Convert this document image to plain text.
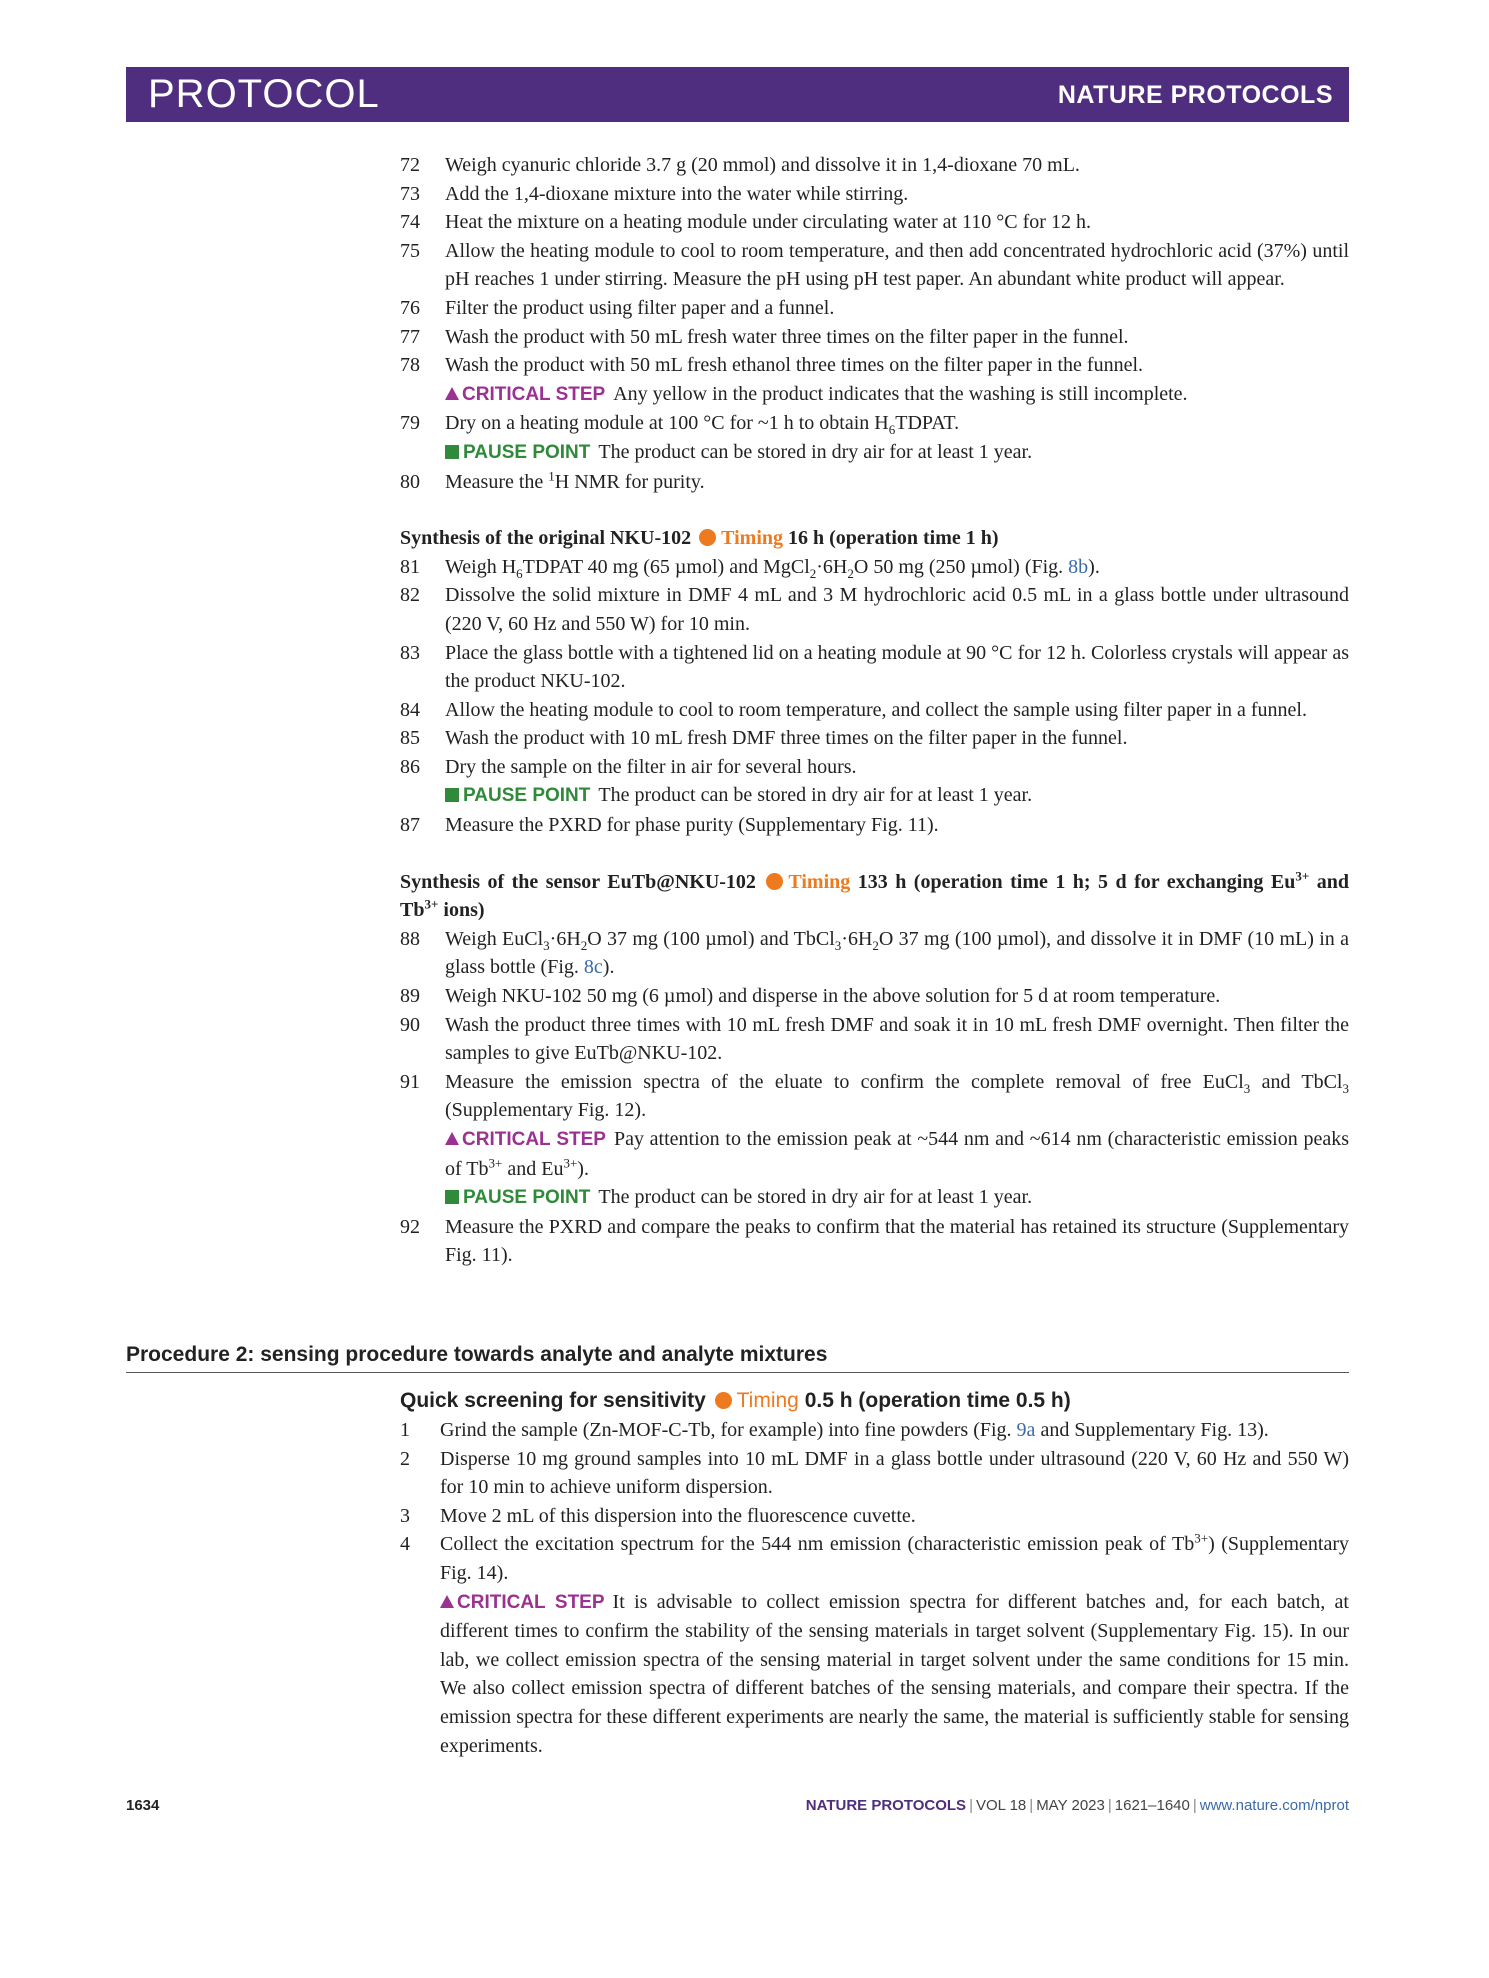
PROTOCOL	NATURE PROTOCOLS
72	Weigh cyanuric chloride 3.7 g (20 mmol) and dissolve it in 1,4-dioxane 70 mL.
73	Add the 1,4-dioxane mixture into the water while stirring.
74	Heat the mixture on a heating module under circulating water at 110 °C for 12 h.
75	Allow the heating module to cool to room temperature, and then add concentrated hydrochloric acid (37%) until pH reaches 1 under stirring. Measure the pH using pH test paper. An abundant white product will appear.
76	Filter the product using filter paper and a funnel.
77	Wash the product with 50 mL fresh water three times on the filter paper in the funnel.
78	Wash the product with 50 mL fresh ethanol three times on the filter paper in the funnel.
CRITICAL STEP Any yellow in the product indicates that the washing is still incomplete.
79	Dry on a heating module at 100 °C for ~1 h to obtain $H_6TDPAT$.
PAUSE POINT The product can be stored in dry air for at least 1 year.
80	Measure the $^1$H NMR for purity.
Synthesis of the original NKU-102 Timing 16 h (operation time 1 h)
81	Weigh $H_6TDPAT$ 40 mg (65 µmol) and $MgCl_2\cdot 6H_2O$ 50 mg (250 µmol) (Fig. 8b).
82	Dissolve the solid mixture in DMF 4 mL and 3 M hydrochloric acid 0.5 mL in a glass bottle under ultrasound (220 V, 60 Hz and 550 W) for 10 min.
83	Place the glass bottle with a tightened lid on a heating module at 90 °C for 12 h. Colorless crystals will appear as the product NKU-102.
84	Allow the heating module to cool to room temperature, and collect the sample using filter paper in a funnel.
85	Wash the product with 10 mL fresh DMF three times on the filter paper in the funnel.
86	Dry the sample on the filter in air for several hours.
PAUSE POINT The product can be stored in dry air for at least 1 year.
87	Measure the PXRD for phase purity (Supplementary Fig. 11).
Synthesis of the sensor EuTb@NKU-102 Timing 133 h (operation time 1 h; 5 d for exchanging $Eu^{3+}$ and $Tb^{3+}$ ions)
88	Weigh $EuCl_3\cdot 6H_2O$ 37 mg (100 µmol) and $TbCl_3\cdot 6H_2O$ 37 mg (100 µmol), and dissolve it in DMF (10 mL) in a glass bottle (Fig. 8c).
89	Weigh NKU-102 50 mg (6 µmol) and disperse in the above solution for 5 d at room temperature.
90	Wash the product three times with 10 mL fresh DMF and soak it in 10 mL fresh DMF overnight. Then filter the samples to give EuTb@NKU-102.
91	Measure the emission spectra of the eluate to confirm the complete removal of free EuCl$_3$ and TbCl$_3$ (Supplementary Fig. 12).
CRITICAL STEP Pay attention to the emission peak at ~544 nm and ~614 nm (characteristic emission peaks of $Tb^{3+}$ and $Eu^{3+}$).
PAUSE POINT The product can be stored in dry air for at least 1 year.
92	Measure the PXRD and compare the peaks to confirm that the material has retained its structure (Supplementary Fig. 11).
Procedure 2: sensing procedure towards analyte and analyte mixtures
Quick screening for sensitivity Timing 0.5 h (operation time 0.5 h)
1	Grind the sample (Zn-MOF-C-Tb, for example) into fine powders (Fig. 9a and Supplementary Fig. 13).
2	Disperse 10 mg ground samples into 10 mL DMF in a glass bottle under ultrasound (220 V, 60 Hz and 550 W) for 10 min to achieve uniform dispersion.
3	Move 2 mL of this dispersion into the fluorescence cuvette.
4	Collect the excitation spectrum for the 544 nm emission (characteristic emission peak of $Tb^{3+}$) (Supplementary Fig. 14).
CRITICAL STEP It is advisable to collect emission spectra for different batches and, for each batch, at different times to confirm the stability of the sensing materials in target solvent (Supplementary Fig. 15). In our lab, we collect emission spectra of the sensing material in target solvent under the same conditions for 15 min. We also collect emission spectra of different batches of the sensing materials, and compare their spectra. If the emission spectra for these different experiments are nearly the same, the material is sufficiently stable for sensing experiments.
1634	NATURE PROTOCOLS | VOL 18 | MAY 2023 | 1621–1640 | www.nature.com/nprot
